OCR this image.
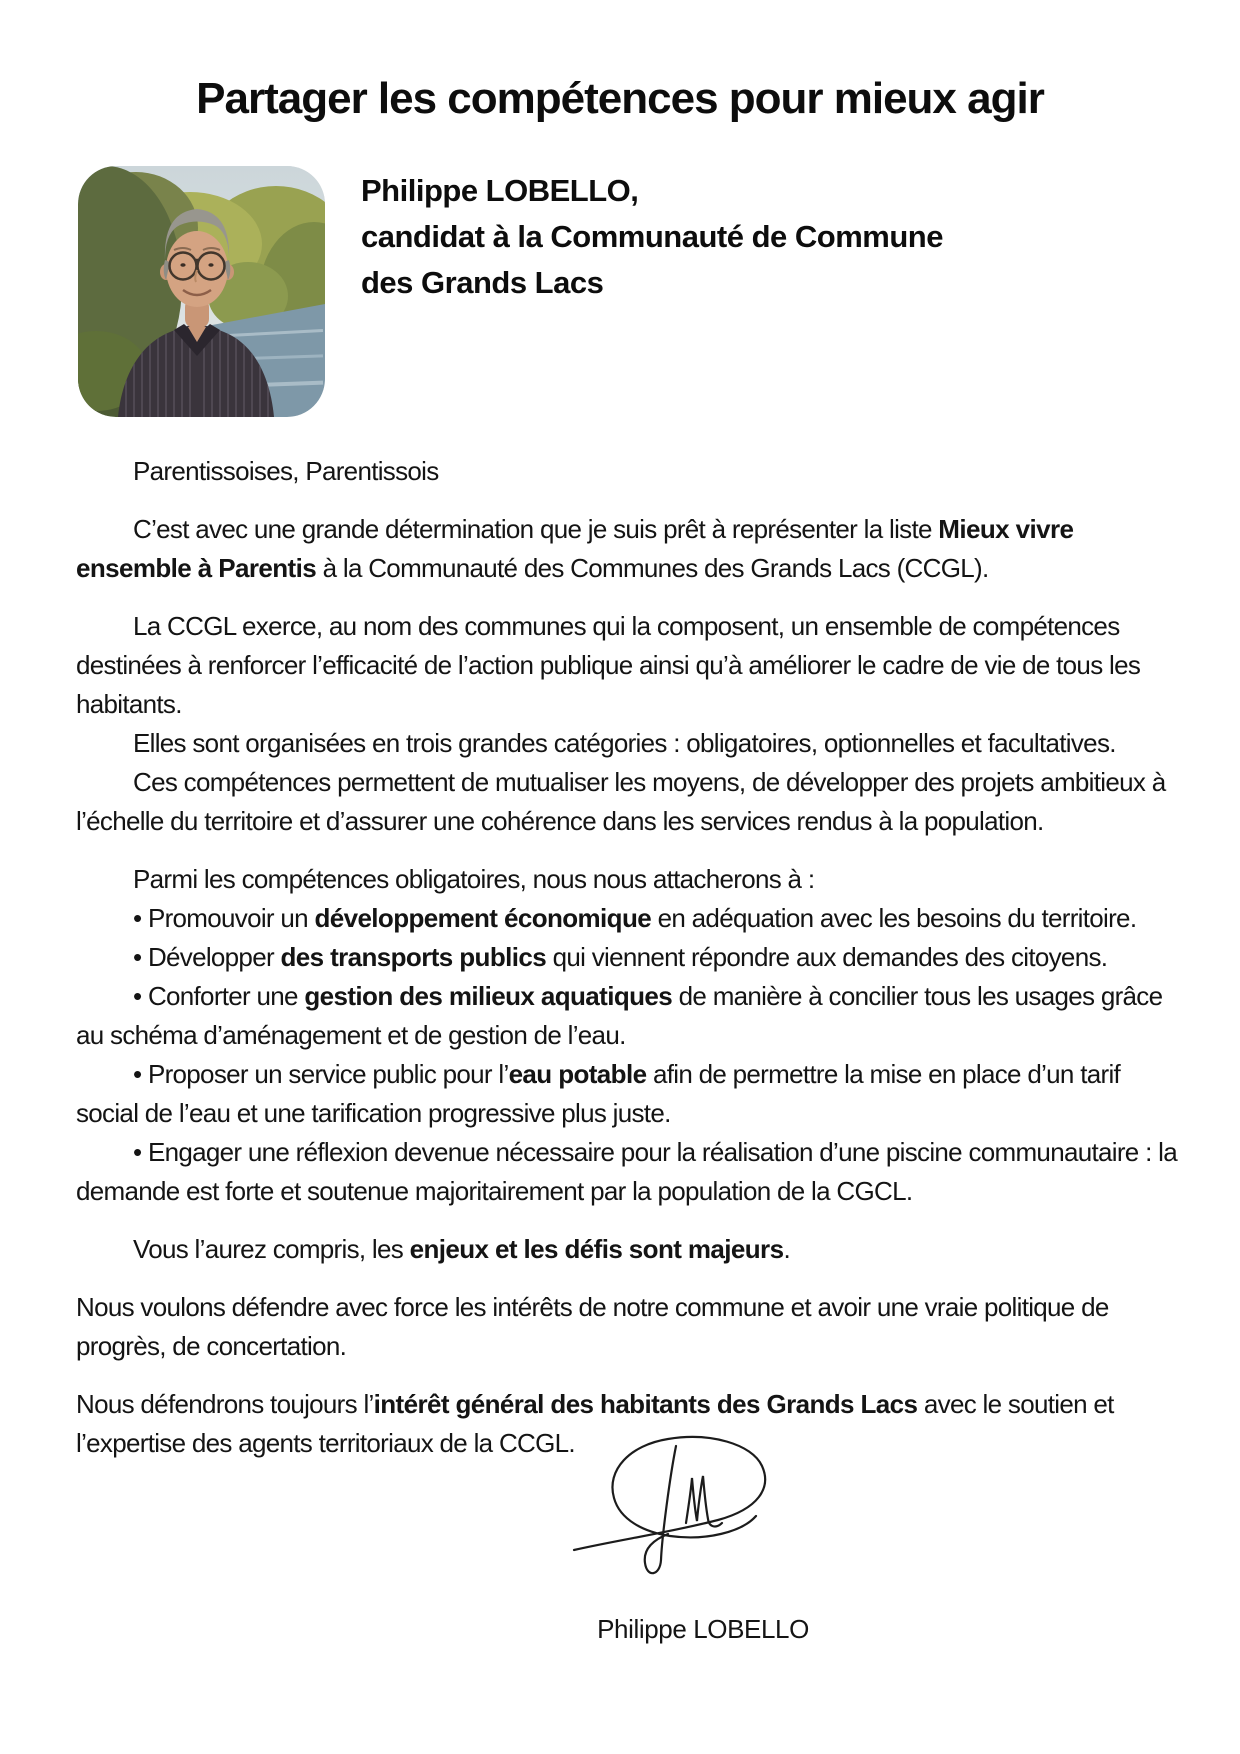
Partager les compétences pour mieux agir
Philippe LOBELLO,
candidat à la Communauté de Commune
des Grands Lacs

Parentissoises, Parentissois

C’est avec une grande détermination que je suis prêt à représenter la liste Mieux vivre ensemble à Parentis à la Communauté des Communes des Grands Lacs (CCGL).

La CCGL exerce, au nom des communes qui la composent, un ensemble de compétences destinées à renforcer l’efficacité de l’action publique ainsi qu’à améliorer le cadre de vie de tous les habitants.

Elles sont organisées en trois grandes catégories : obligatoires, optionnelles et facultatives.

Ces compétences permettent de mutualiser les moyens, de développer des projets ambitieux à l’échelle du territoire et d’assurer une cohérence dans les services rendus à la population.

Parmi les compétences obligatoires, nous nous attacherons à :

• Promouvoir un développement économique en adéquation avec les besoins du territoire.

• Développer des transports publics qui viennent répondre aux demandes des citoyens.

• Conforter une gestion des milieux aquatiques de manière à concilier tous les usages grâce au schéma d’aménagement et de gestion de l’eau.

• Proposer un service public pour l’eau potable afin de permettre la mise en place d’un tarif social de l’eau et une tarification progressive plus juste.

• Engager une réflexion devenue nécessaire pour la réalisation d’une piscine communautaire : la demande est forte et soutenue majoritairement par la population de la CGCL.

Vous l’aurez compris, les enjeux et les défis sont majeurs.

Nous voulons défendre avec force les intérêts de notre commune et avoir une vraie politique de progrès, de concertation.

Nous défendrons toujours l’intérêt général des habitants des Grands Lacs avec le soutien et l’expertise des agents territoriaux de la CCGL.

Philippe LOBELLO
